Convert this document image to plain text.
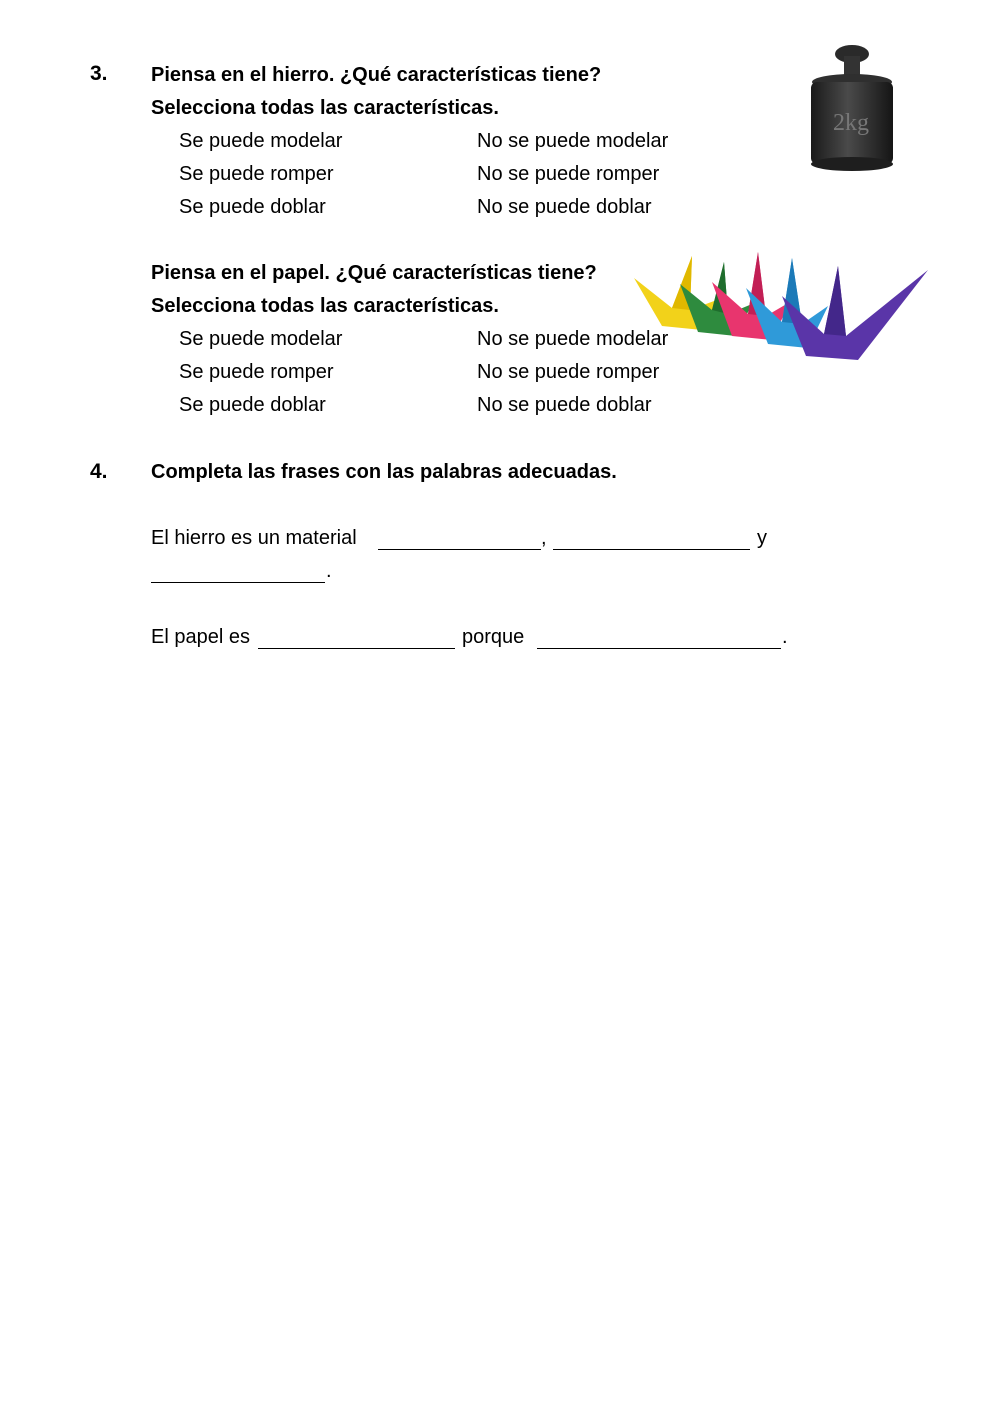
3. Piensa en el hierro. ¿Qué características tiene?
Selecciona todas las características.
Se puede modelar	No se puede modelar
Se puede romper	No se puede romper
Se puede doblar	No se puede doblar
2kg
Piensa en el papel. ¿Qué características tiene?
Selecciona todas las características.
Se puede modelar	No se puede modelar
Se puede romper	No se puede romper
Se puede doblar	No se puede doblar
4. Completa las frases con las palabras adecuadas.
El hierro es un material	,	y
.
El papel es	porque	.
